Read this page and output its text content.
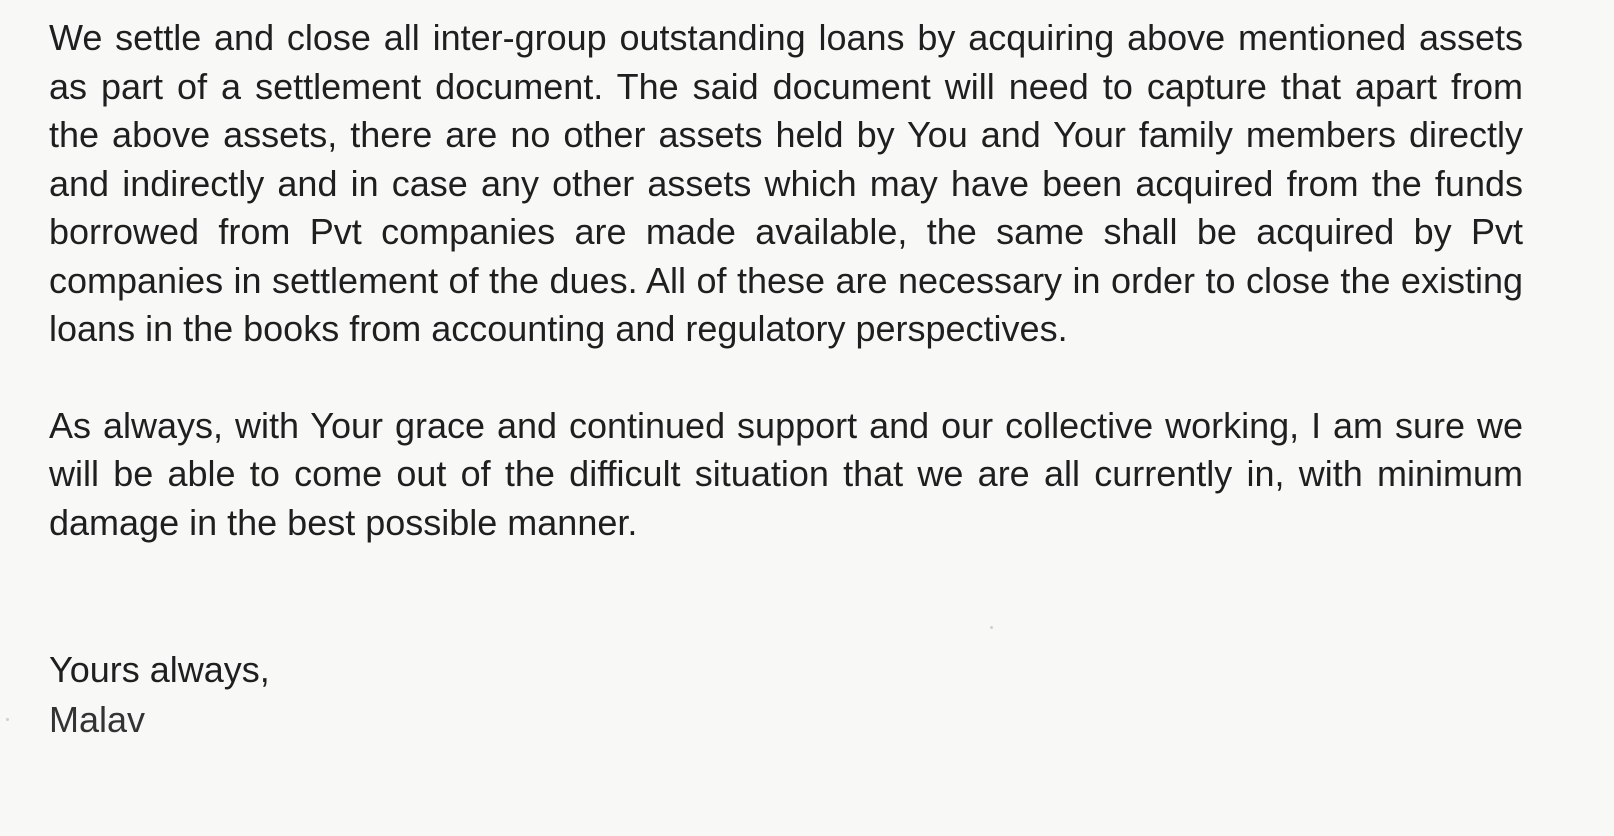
We settle and close all inter-group outstanding loans by acquiring above mentioned assets as part of a settlement document. The said document will need to capture that apart from the above assets, there are no other assets held by You and Your family members directly and indirectly and in case any other assets which may have been acquired from the funds borrowed from Pvt companies are made available, the same shall be acquired by Pvt companies in settlement of the dues. All of these are necessary in order to close the existing loans in the books from accounting and regulatory perspectives.

As always, with Your grace and continued support and our collective working, I am sure we will be able to come out of the difficult situation that we are all currently in, with minimum damage in the best possible manner.

Yours always,
Malav
